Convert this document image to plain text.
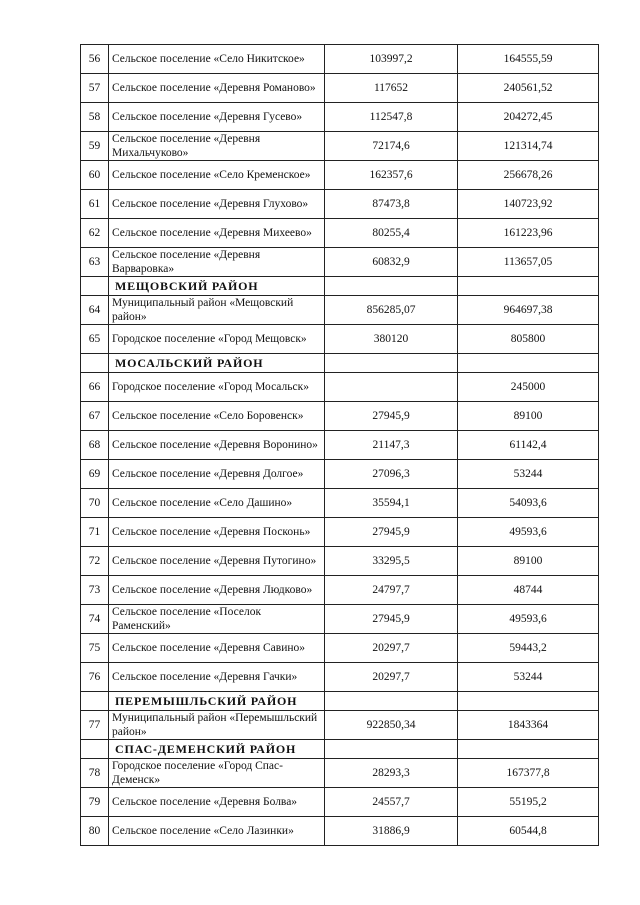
56	Сельское поселение «Село Никитское»	103997,2	164555,59
57	Сельское поселение «Деревня Романово»	117652	240561,52
58	Сельское поселение «Деревня Гусево»	112547,8	204272,45
59	Сельское поселение «Деревня Михальчуково»	72174,6	121314,74
60	Сельское поселение «Село Кременское»	162357,6	256678,26
61	Сельское поселение «Деревня Глухово»	87473,8	140723,92
62	Сельское поселение «Деревня Михеево»	80255,4	161223,96
63	Сельское поселение «Деревня Варваровка»	60832,9	113657,05
	МЕЩОВСКИЙ РАЙОН		
64	Муниципальный район «Мещовский район»	856285,07	964697,38
65	Городское поселение «Город Мещовск»	380120	805800
	МОСАЛЬСКИЙ РАЙОН		
66	Городское поселение «Город Мосальск»		245000
67	Сельское поселение «Село Боровенск»	27945,9	89100
68	Сельское поселение «Деревня Воронино»	21147,3	61142,4
69	Сельское поселение «Деревня Долгое»	27096,3	53244
70	Сельское поселение «Село Дашино»	35594,1	54093,6
71	Сельское поселение «Деревня Посконь»	27945,9	49593,6
72	Сельское поселение «Деревня Путогино»	33295,5	89100
73	Сельское поселение «Деревня Людково»	24797,7	48744
74	Сельское поселение «Поселок Раменский»	27945,9	49593,6
75	Сельское поселение «Деревня Савино»	20297,7	59443,2
76	Сельское поселение «Деревня Гачки»	20297,7	53244
	ПЕРЕМЫШЛЬСКИЙ РАЙОН		
77	Муниципальный район «Перемышльский район»	922850,34	1843364
	СПАС-ДЕМЕНСКИЙ РАЙОН		
78	Городское поселение «Город Спас-Деменск»	28293,3	167377,8
79	Сельское поселение «Деревня Болва»	24557,7	55195,2
80	Сельское поселение «Село Лазинки»	31886,9	60544,8
